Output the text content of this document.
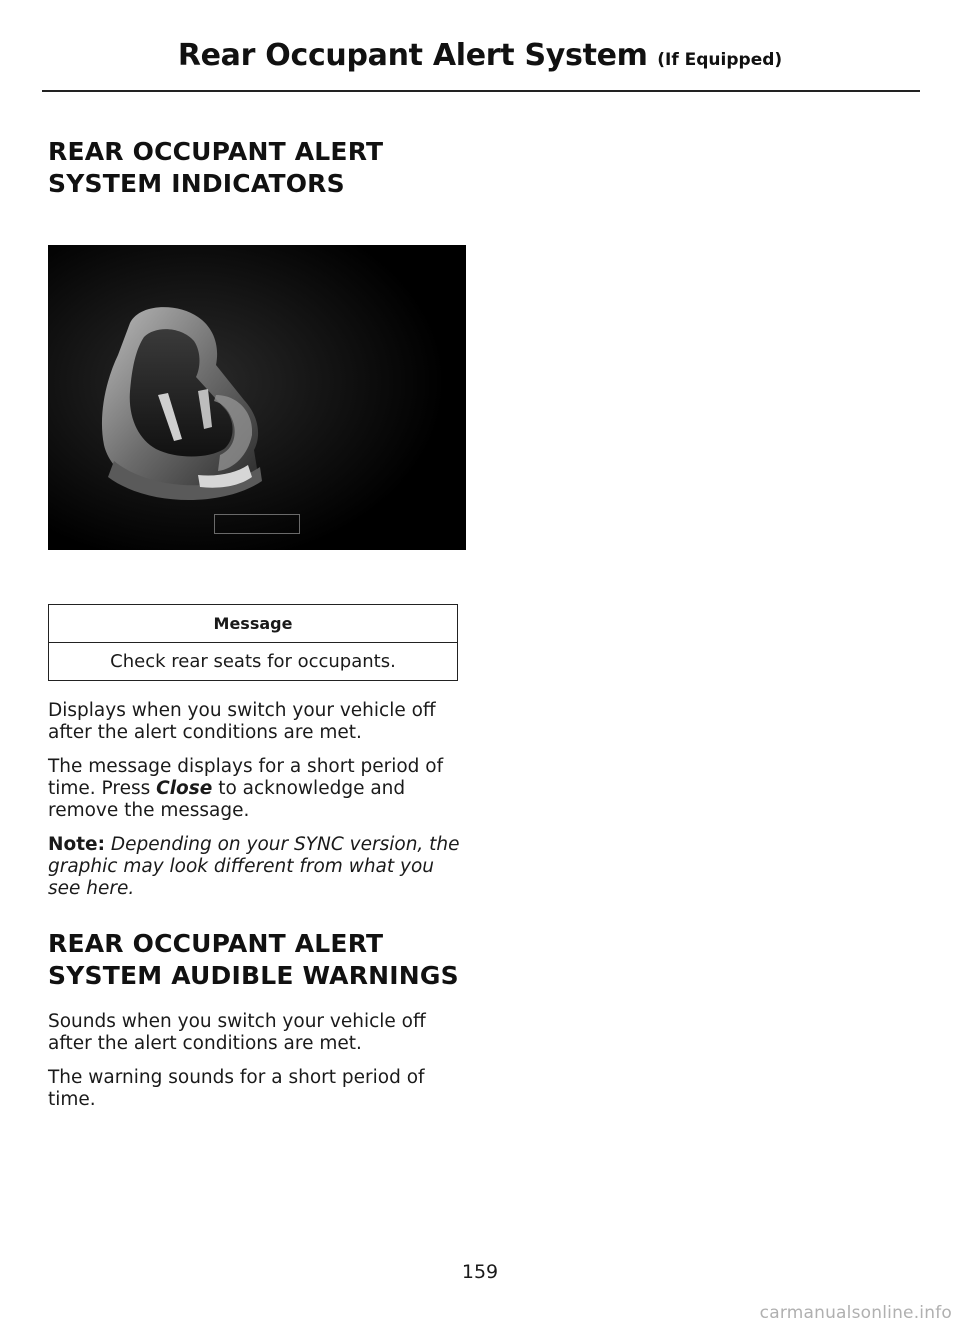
Rear Occupant Alert System (If Equipped)
REAR OCCUPANT ALERT
SYSTEM INDICATORS
Message
Check rear seats for occupants.

Displays when you switch your vehicle off after the alert conditions are met.

The message displays for a short period of time. Press Close to acknowledge and remove the message.

Note: Depending on your SYNC version, the graphic may look different from what you see here.

REAR OCCUPANT ALERT
SYSTEM AUDIBLE WARNINGS

Sounds when you switch your vehicle off after the alert conditions are met.

The warning sounds for a short period of time.

159
carmanualsonline.info
